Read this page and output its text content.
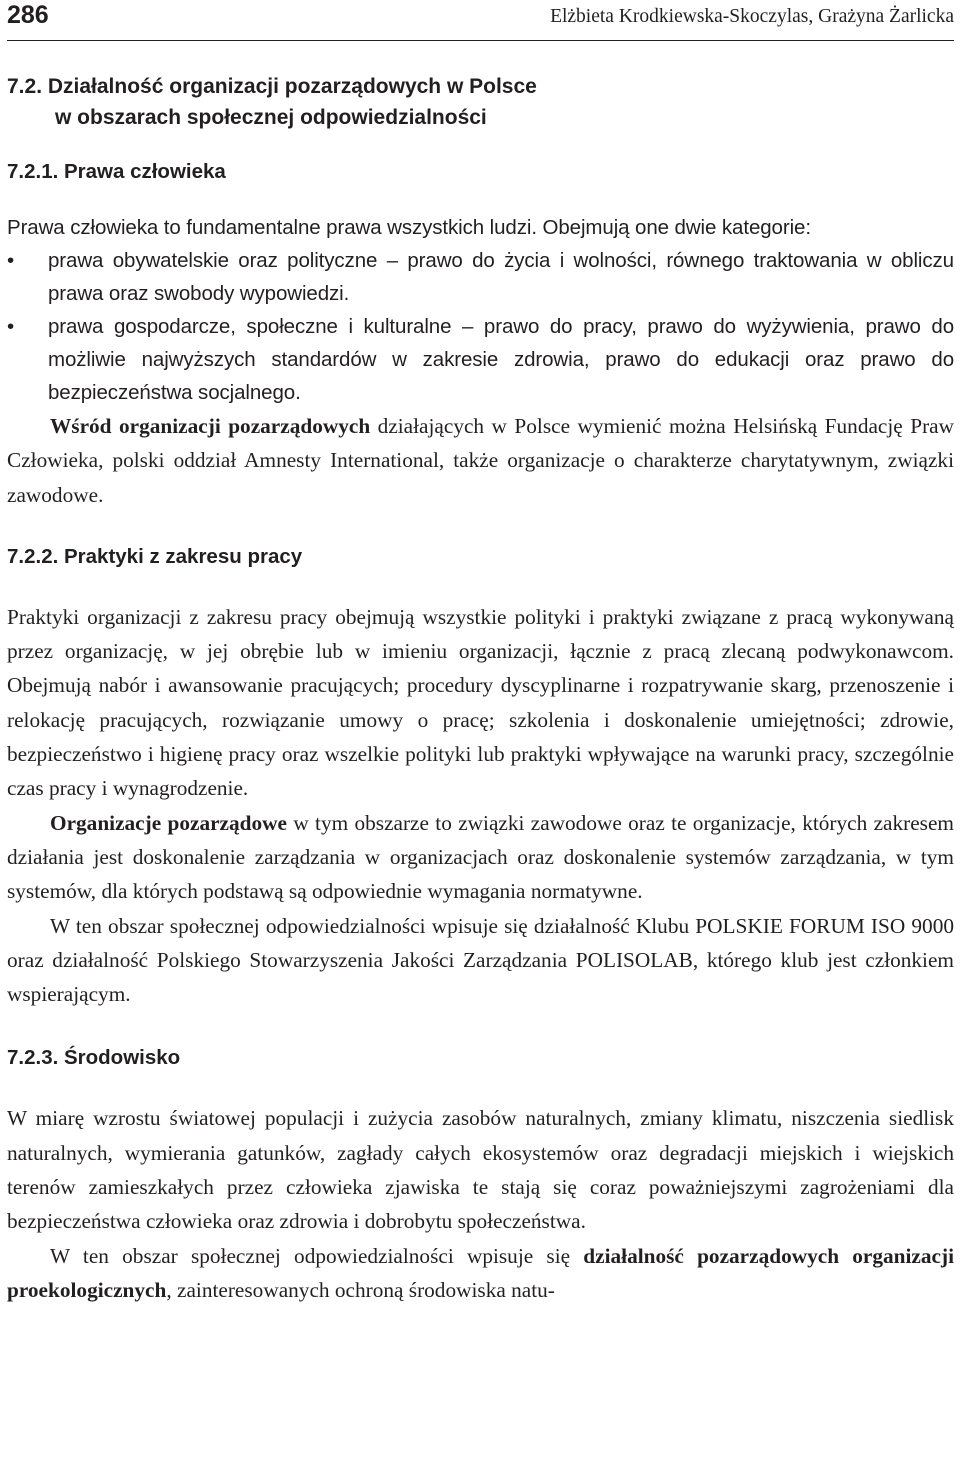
286	Elżbieta Krodkiewska-Skoczylas, Grażyna Żarlicka
7.2. Działalność organizacji pozarządowych w Polsce
w obszarach społecznej odpowiedzialności
7.2.1. Prawa człowieka

Prawa człowieka to fundamentalne prawa wszystkich ludzi. Obejmują one dwie kategorie:

• prawa obywatelskie oraz polityczne – prawo do życia i wolności, równego traktowania w obliczu prawa oraz swobody wypowiedzi.
• prawa gospodarcze, społeczne i kulturalne – prawo do pracy, prawo do wyżywienia, prawo do możliwie najwyższych standardów w zakresie zdrowia, prawo do edukacji oraz prawo do bezpieczeństwa socjalnego.

Wśród organizacji pozarządowych działających w Polsce wymienić można Helsińską Fundację Praw Człowieka, polski oddział Amnesty International, także organizacje o charakterze charytatywnym, związki zawodowe.

7.2.2. Praktyki z zakresu pracy

Praktyki organizacji z zakresu pracy obejmują wszystkie polityki i praktyki związane z pracą wykonywaną przez organizację, w jej obrębie lub w imieniu organizacji, łącznie z pracą zlecaną podwykonawcom. Obejmują nabór i awansowanie pracujących; procedury dyscyplinarne i rozpatrywanie skarg, przenoszenie i relokację pracujących, rozwiązanie umowy o pracę; szkolenia i doskonalenie umiejętności; zdrowie, bezpieczeństwo i higienę pracy oraz wszelkie polityki lub praktyki wpływające na warunki pracy, szczególnie czas pracy i wynagrodzenie.

Organizacje pozarządowe w tym obszarze to związki zawodowe oraz te organizacje, których zakresem działania jest doskonalenie zarządzania w organizacjach oraz doskonalenie systemów zarządzania, w tym systemów, dla których podstawą są odpowiednie wymagania normatywne.

W ten obszar społecznej odpowiedzialności wpisuje się działalność Klubu POLSKIE FORUM ISO 9000 oraz działalność Polskiego Stowarzyszenia Jakości Zarządzania POLISOLAB, którego klub jest członkiem wspierającym.

7.2.3. Środowisko

W miarę wzrostu światowej populacji i zużycia zasobów naturalnych, zmiany klimatu, niszczenia siedlisk naturalnych, wymierania gatunków, zagłady całych ekosystemów oraz degradacji miejskich i wiejskich terenów zamieszkałych przez człowieka zjawiska te stają się coraz poważniejszymi zagrożeniami dla bezpieczeństwa człowieka oraz zdrowia i dobrobytu społeczeństwa.

W ten obszar społecznej odpowiedzialności wpisuje się działalność pozarządowych organizacji proekologicznych, zainteresowanych ochroną środowiska natu-
